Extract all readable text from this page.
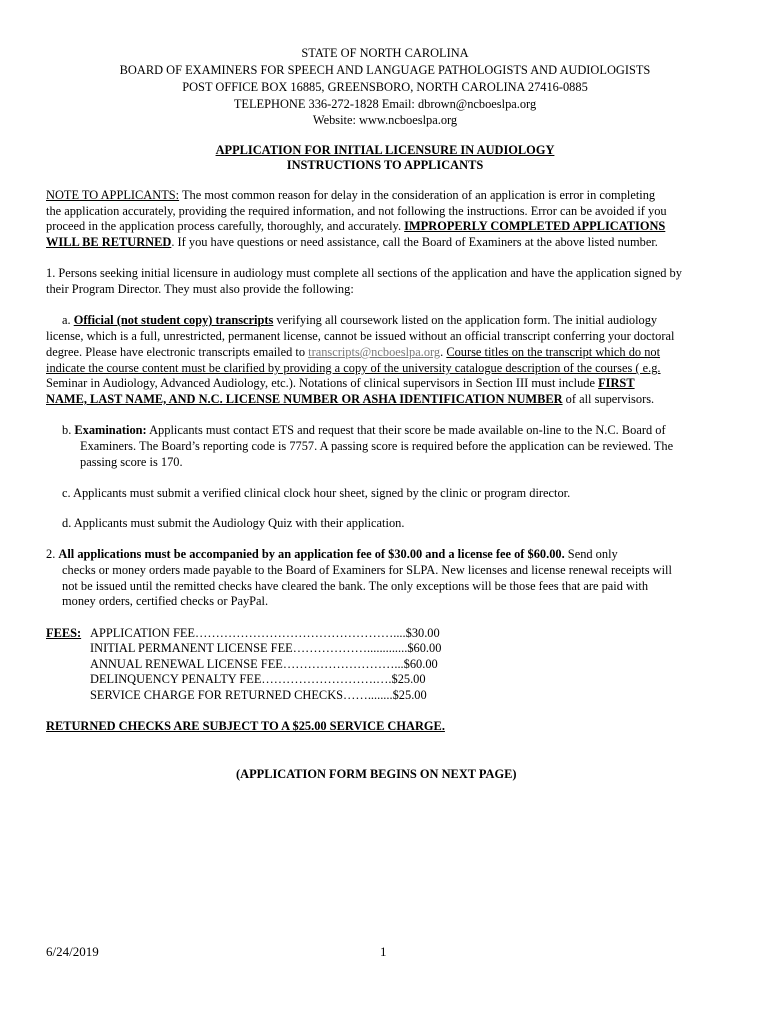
STATE OF NORTH CAROLINA
BOARD OF EXAMINERS FOR SPEECH AND LANGUAGE PATHOLOGISTS AND AUDIOLOGISTS
POST OFFICE BOX 16885, GREENSBORO, NORTH CAROLINA 27416-0885
TELEPHONE 336-272-1828 Email: dbrown@ncboeslpa.org
Website: www.ncboeslpa.org
APPLICATION FOR INITIAL LICENSURE IN AUDIOLOGY
INSTRUCTIONS TO APPLICANTS
NOTE TO APPLICANTS: The most common reason for delay in the consideration of an application is error in completing
the application accurately, providing the required information, and not following the instructions. Error can be avoided if you
proceed in the application process carefully, thoroughly, and accurately. IMPROPERLY COMPLETED APPLICATIONS
WILL BE RETURNED. If you have questions or need assistance, call the Board of Examiners at the above listed number.
1. Persons seeking initial licensure in audiology must complete all sections of the application and have the application signed by
their Program Director. They must also provide the following:
a. Official (not student copy) transcripts verifying all coursework listed on the application form. The initial audiology
license, which is a full, unrestricted, permanent license, cannot be issued without an official transcript conferring your doctoral
degree. Please have electronic transcripts emailed to transcripts@ncboeslpa.org. Course titles on the transcript which do not
indicate the course content must be clarified by providing a copy of the university catalogue description of the courses ( e.g.
Seminar in Audiology, Advanced Audiology, etc.). Notations of clinical supervisors in Section III must include FIRST
NAME, LAST NAME, AND N.C. LICENSE NUMBER OR ASHA IDENTIFICATION NUMBER of all supervisors.
b. Examination: Applicants must contact ETS and request that their score be made available on-line to the N.C. Board of
Examiners. The Board’s reporting code is 7757. A passing score is required before the application can be reviewed. The
passing score is 170.
c. Applicants must submit a verified clinical clock hour sheet, signed by the clinic or program director.
d. Applicants must submit the Audiology Quiz with their application.
2. All applications must be accompanied by an application fee of $30.00 and a license fee of $60.00. Send only
checks or money orders made payable to the Board of Examiners for SLPA. New licenses and license renewal receipts will
not be issued until the remitted checks have cleared the bank. The only exceptions will be those fees that are paid with
money orders, certified checks or PayPal.
FEES: APPLICATION FEE…………………………………………....$30.00
INITIAL PERMANENT LICENSE FEE……………….............$60.00
ANNUAL RENEWAL LICENSE FEE………………………...$60.00
DELINQUENCY PENALTY FEE……………………….….$25.00
SERVICE CHARGE FOR RETURNED CHECKS……........$25.00
RETURNED CHECKS ARE SUBJECT TO A $25.00 SERVICE CHARGE.
(APPLICATION FORM BEGINS ON NEXT PAGE)
6/24/2019	1
